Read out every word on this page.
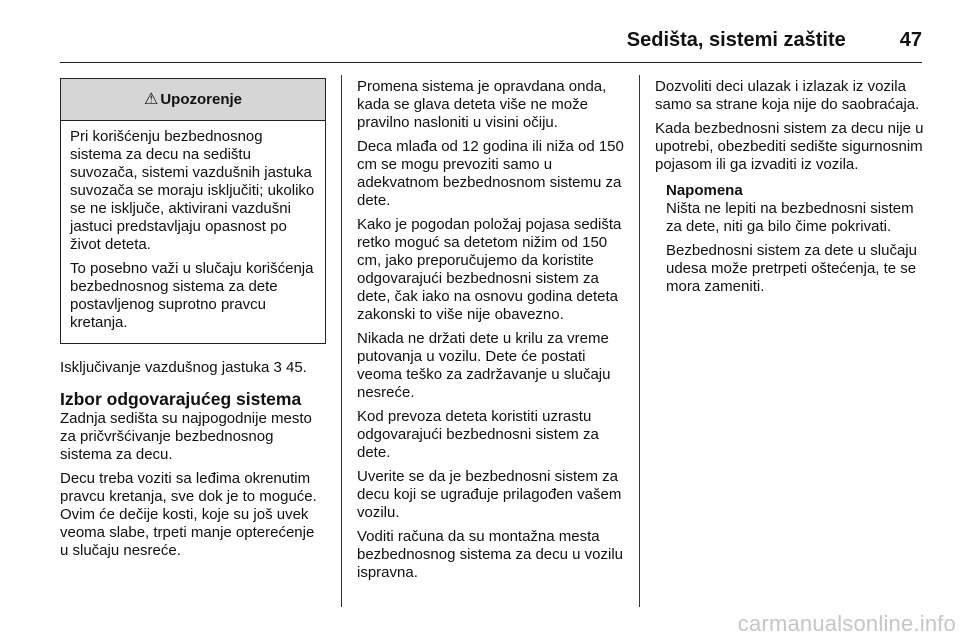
Sedišta, sistemi zaštite	47
⚠ Upozorenje

Pri korišćenju bezbednosnog sistema za decu na sedištu suvozača, sistemi vazdušnih jastuka suvozača se moraju isključiti; ukoliko se ne isključe, aktivirani vazdušni jastuci predstavljaju opasnost po život deteta.

To posebno važi u slučaju korišćenja bezbednosnog sistema za dete postavljenog suprotno pravcu kretanja.

Isključivanje vazdušnog jastuka 3 45.

Izbor odgovarajućeg sistema

Zadnja sedišta su najpogodnije mesto za pričvršćivanje bezbednosnog sistema za decu.

Decu treba voziti sa leđima okrenutim pravcu kretanja, sve dok je to moguće. Ovim će dečije kosti, koje su još uvek veoma slabe, trpeti manje opterećenje u slučaju nesreće.

Promena sistema je opravdana onda, kada se glava deteta više ne može pravilno nasloniti u visini očiju.

Deca mlađa od 12 godina ili niža od 150 cm se mogu prevoziti samo u adekvatnom bezbednosnom sistemu za dete.

Kako je pogodan položaj pojasa sedišta retko moguć sa detetom nižim od 150 cm, jako preporučujemo da koristite odgovarajući bezbednosni sistem za dete, čak iako na osnovu godina deteta zakonski to više nije obavezno.

Nikada ne držati dete u krilu za vreme putovanja u vozilu. Dete će postati veoma teško za zadržavanje u slučaju nesreće.

Kod prevoza deteta koristiti uzrastu odgovarajući bezbednosni sistem za dete.

Uverite se da je bezbednosni sistem za decu koji se ugrađuje prilagođen vašem vozilu.

Voditi računa da su montažna mesta bezbednosnog sistema za decu u vozilu ispravna.

Dozvoliti deci ulazak i izlazak iz vozila samo sa strane koja nije do saobraćaja.

Kada bezbednosni sistem za decu nije u upotrebi, obezbediti sedište sigurnosnim pojasom ili ga izvaditi iz vozila.

Napomena

Ništa ne lepiti na bezbednosni sistem za dete, niti ga bilo čime pokrivati.

Bezbednosni sistem za dete u slučaju udesa može pretrpeti oštećenja, te se mora zameniti.

carmanualsonline.info
